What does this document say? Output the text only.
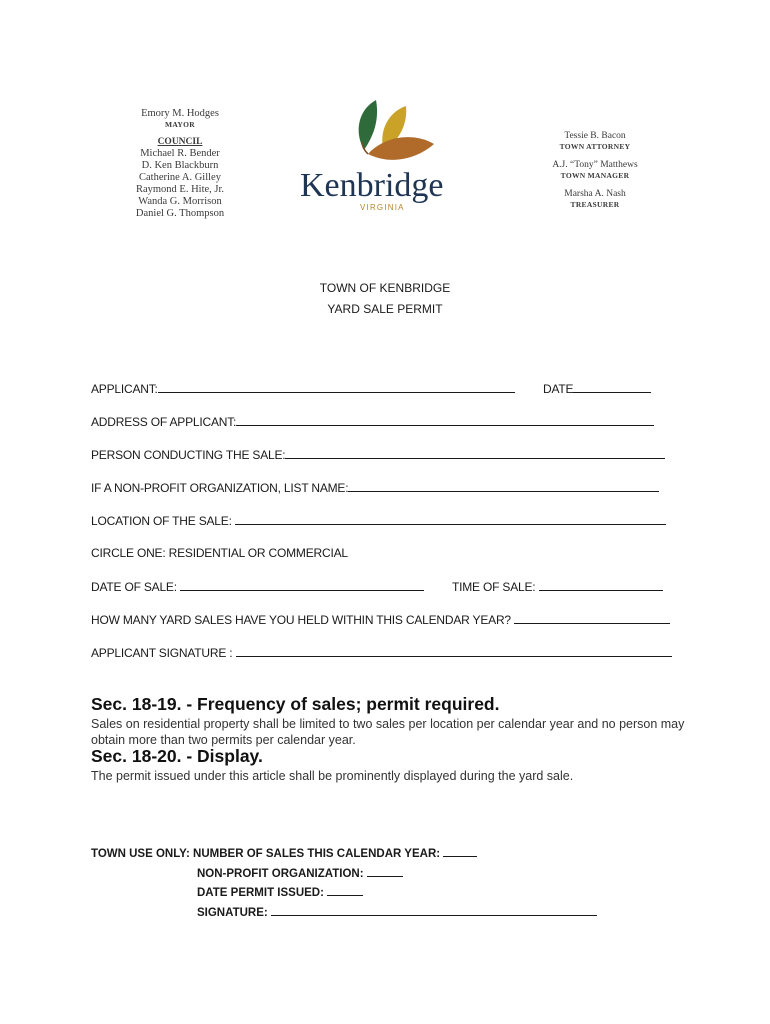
Emory M. Hodges
MAYOR
COUNCIL
Michael R. Bender
D. Ken Blackburn
Catherine A. Gilley
Raymond E. Hite, Jr.
Wanda G. Morrison
Daniel G. Thompson
Kenbridge
VIRGINIA
Tessie B. Bacon
TOWN ATTORNEY
A.J. “Tony” Matthews
TOWN MANAGER
Marsha A. Nash
TREASURER
TOWN OF KENBRIDGE
YARD SALE PERMIT
APPLICANT:	DATE
ADDRESS OF APPLICANT:
PERSON CONDUCTING THE SALE:
IF A NON-PROFIT ORGANIZATION, LIST NAME:
LOCATION OF THE SALE:
CIRCLE ONE: RESIDENTIAL OR COMMERCIAL
DATE OF SALE:	TIME OF SALE:
HOW MANY YARD SALES HAVE YOU HELD WITHIN THIS CALENDAR YEAR?
APPLICANT SIGNATURE :
Sec. 18-19. - Frequency of sales; permit required.
Sales on residential property shall be limited to two sales per location per calendar year and no person may obtain more than two permits per calendar year.
Sec. 18-20. - Display.
The permit issued under this article shall be prominently displayed during the yard sale.
TOWN USE ONLY: NUMBER OF SALES THIS CALENDAR YEAR:
NON-PROFIT ORGANIZATION:
DATE PERMIT ISSUED:
SIGNATURE:
